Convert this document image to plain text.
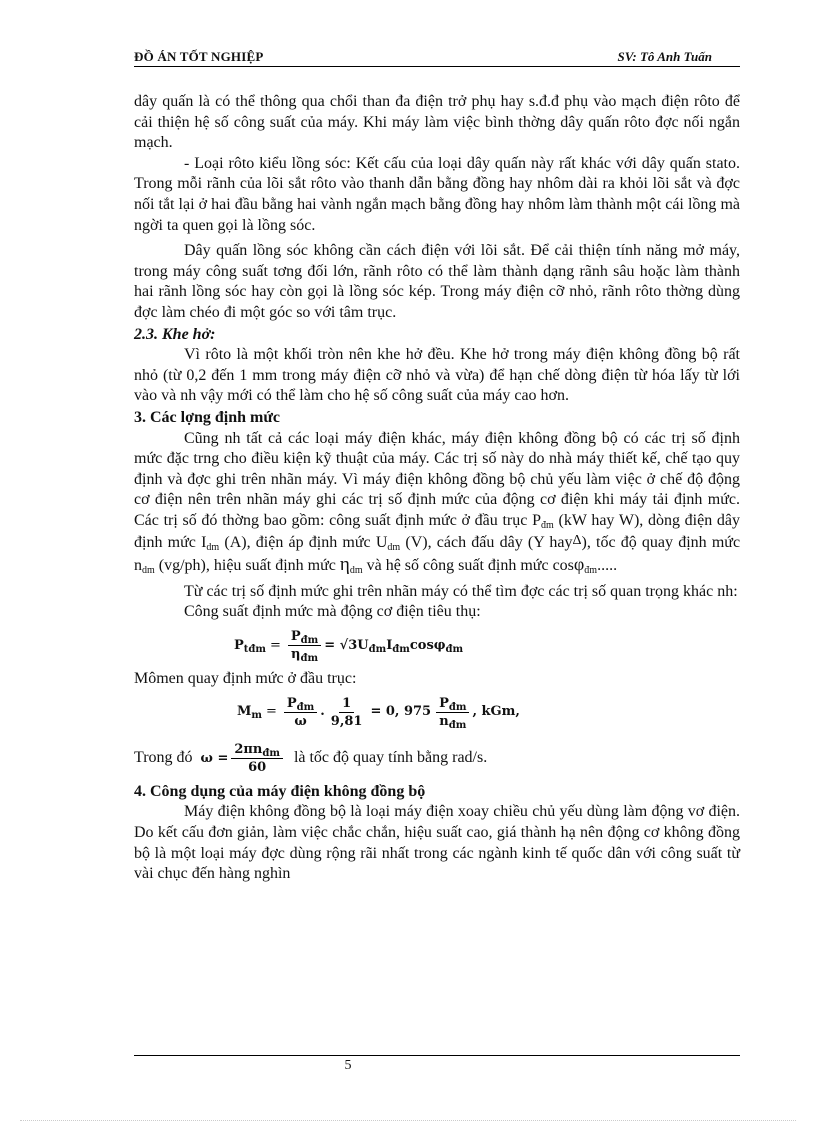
ĐỒ ÁN TỐT NGHIỆP	SV: Tô Anh Tuấn

dây quấn là có thể thông qua chổi than đa điện trở phụ hay s.đ.đ phụ vào mạch điện rôto để cải thiện hệ số công suất của máy. Khi máy làm việc bình thờng dây quấn rôto đợc nối ngắn mạch.

- Loại rôto kiểu lồng sóc: Kết cấu của loại dây quấn này rất khác với dây quấn stato. Trong mỗi rãnh của lõi sắt rôto vào thanh dẫn bằng đồng hay nhôm dài ra khỏi lõi sắt và đợc nối tắt lại ở hai đầu bằng hai vành ngắn mạch bằng đồng hay nhôm làm thành một cái lồng mà ngời ta quen gọi là lồng sóc.

Dây quấn lồng sóc không cần cách điện với lõi sắt. Để cải thiện tính năng mở máy, trong máy công suất tơng đối lớn, rãnh rôto có thể làm thành dạng rãnh sâu hoặc làm thành hai rãnh lồng sóc hay còn gọi là lồng sóc kép. Trong máy điện cỡ nhỏ, rãnh rôto thờng dùng đợc làm chéo đi một góc so với tâm trục.

2.3. Khe hở:

Vì rôto là một khối tròn nên khe hở đều. Khe hở trong máy điện không đồng bộ rất nhỏ (từ 0,2 đến 1 mm trong máy điện cỡ nhỏ và vừa) để hạn chế dòng điện từ hóa lấy từ lới vào và nh vậy mới có thể làm cho hệ số công suất của máy cao hơn.

3. Các lợng định mức

Cũng nh tất cả các loại máy điện khác, máy điện không đồng bộ có các trị số định mức đặc trng cho điều kiện kỹ thuật của máy. Các trị số này do nhà máy thiết kế, chế tạo quy định và đợc ghi trên nhãn máy. Vì máy điện không đồng bộ chủ yếu làm việc ở chế độ động cơ điện nên trên nhãn máy ghi các trị số định mức của động cơ điện khi máy tải định mức. Các trị số đó thờng bao gồm: công suất định mức ở đầu trục $P_{đm}$ (kW hay W), dòng điện dây định mức $I_{dm}$ (A), điện áp định mức $U_{dm}$ (V), cách đấu dây (Y hayΔ), tốc độ quay định mức $n_{dm}$ (vg/ph), hiệu suất định mức $\eta_{dm}$ và hệ số công suất định mức cosφ$_{đm}$.....

Từ các trị số định mức ghi trên nhãn máy có thể tìm đợc các trị số quan trọng khác nh:

Công suất định mức mà động cơ điện tiêu thụ:

$P_{tđm} = \frac{P_{đm}}{\eta_{đm}} = √3U_{đm}I_{đm}\cos\varphi_{đm}$

Mômen quay định mức ở đầu trục:

$M_m = \frac{P_{đm}}{\omega}$ . $\frac{1}{9,81} = 0$, $975 \frac{P_{đm}}{n_{đm}}$ , kGm,

Trong đó $\omega = \frac{2\pi n_{đm}}{60}$ là tốc độ quay tính bằng rad/s.

4. Công dụng của máy điện không đồng bộ

Máy điện không đồng bộ là loại máy điện xoay chiều chủ yếu dùng làm động vơ điện. Do kết cấu đơn giản, làm việc chắc chắn, hiệu suất cao, giá thành hạ nên động cơ không đồng bộ là một loại máy đợc dùng rộng rãi nhất trong các ngành kinh tế quốc dân với công suất từ vài chục đến hàng nghìn

5
